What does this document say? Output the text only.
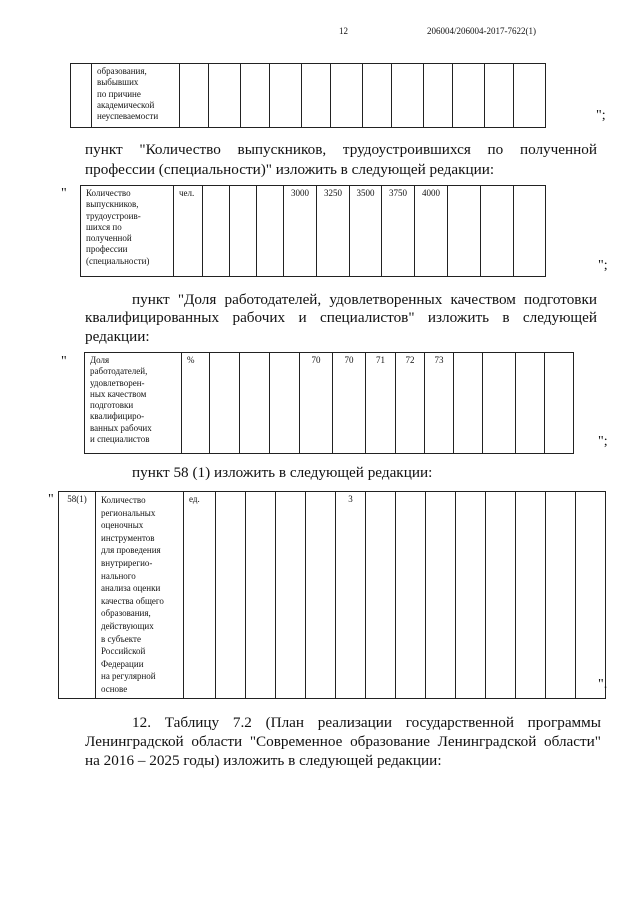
12	206004/206004-2017-7622(1)
	образования,
выбывших
по причине
академической
неуспеваемости													";
пункт "Количество выпускников, трудоустроившихся по полученной
профессии (специальности)" изложить в следующей редакции:
" Количество
выпускников,
трудоустроив-
шихся по
полученной
профессии
(специальности)	чел.				3000	3250	3500	3750	4000			
";
пункт "Доля работодателей, удовлетворенных качеством подготовки
квалифицированных рабочих и специалистов" изложить в следующей
редакции:
"	Доля
работодателей,
удовлетворен-
ных качеством
подготовки
квалифициро-
ванных рабочих
и специалистов	%				70	70	71	72	73				
";
пункт 58 (1) изложить в следующей редакции:
" 58(1)	Количество
региональных
оценочных
инструментов
для проведения
внутрирегио-
нального
анализа оценки
качества общего
образования,
действующих
в субъекте
Российской
Федерации
на регулярной
основе	ед.					3								
".
12. Таблицу 7.2 (План реализации государственной программы
Ленинградской области "Современное образование Ленинградской области"
на 2016 – 2025 годы) изложить в следующей редакции:
